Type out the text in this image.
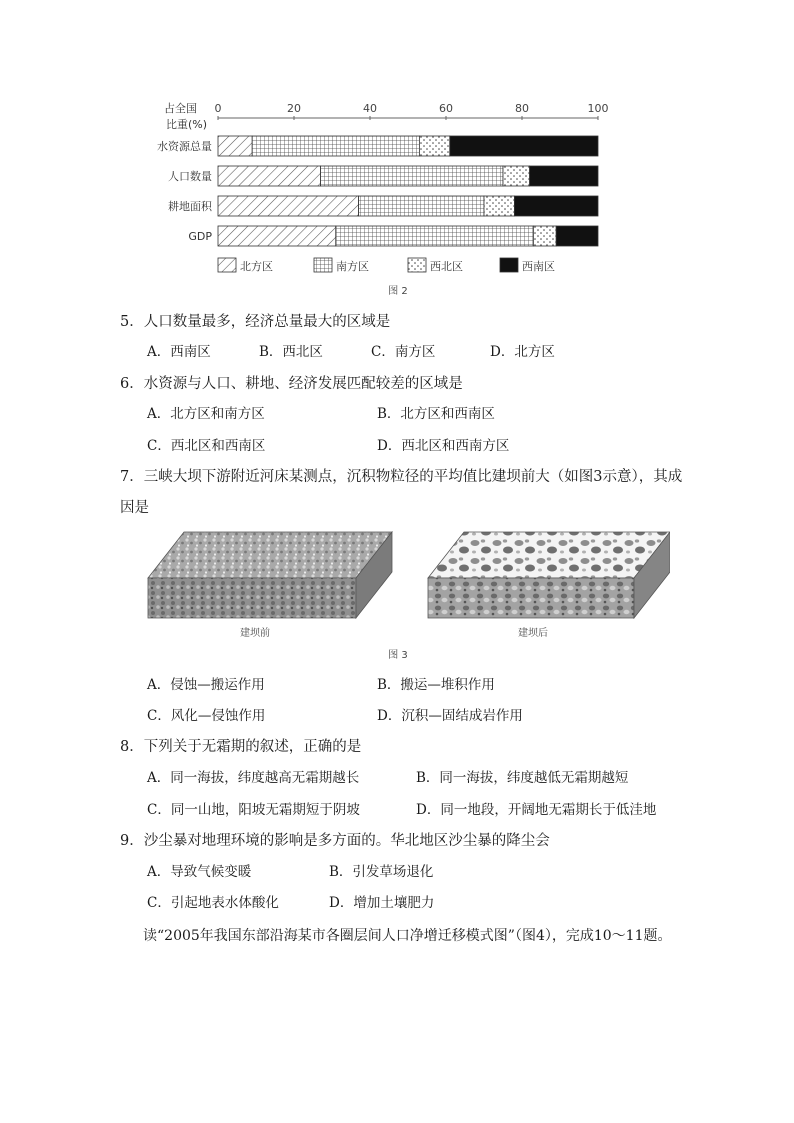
占全国
比重(%)
0	20	40	60	80	100
水资源总量
人口数量
耕地面积
GDP
北方区	南方区	西北区	西南区
图 2
5．人口数量最多，经济总量最大的区域是
A．西南区	B．西北区	C．南方区	D．北方区
6．水资源与人口、耕地、经济发展匹配较差的区域是
A．北方区和南方区	B．北方区和西南区
C．西北区和西南区	D．西北区和西南方区
7．三峡大坝下游附近河床某测点，沉积物粒径的平均值比建坝前大（如图3示意），其成
因是
建坝前	建坝后
图 3
A．侵蚀—搬运作用	B．搬运—堆积作用
C．风化—侵蚀作用	D．沉积—固结成岩作用
8．下列关于无霜期的叙述，正确的是
A．同一海拔，纬度越高无霜期越长	B．同一海拔，纬度越低无霜期越短
C．同一山地，阳坡无霜期短于阴坡	D．同一地段，开阔地无霜期长于低洼地
9．沙尘暴对地理环境的影响是多方面的。华北地区沙尘暴的降尘会
A．导致气候变暖	B．引发草场退化
C．引起地表水体酸化	D．增加土壤肥力
读“2005年我国东部沿海某市各圈层间人口净增迁移模式图”（图4），完成10～11题。
